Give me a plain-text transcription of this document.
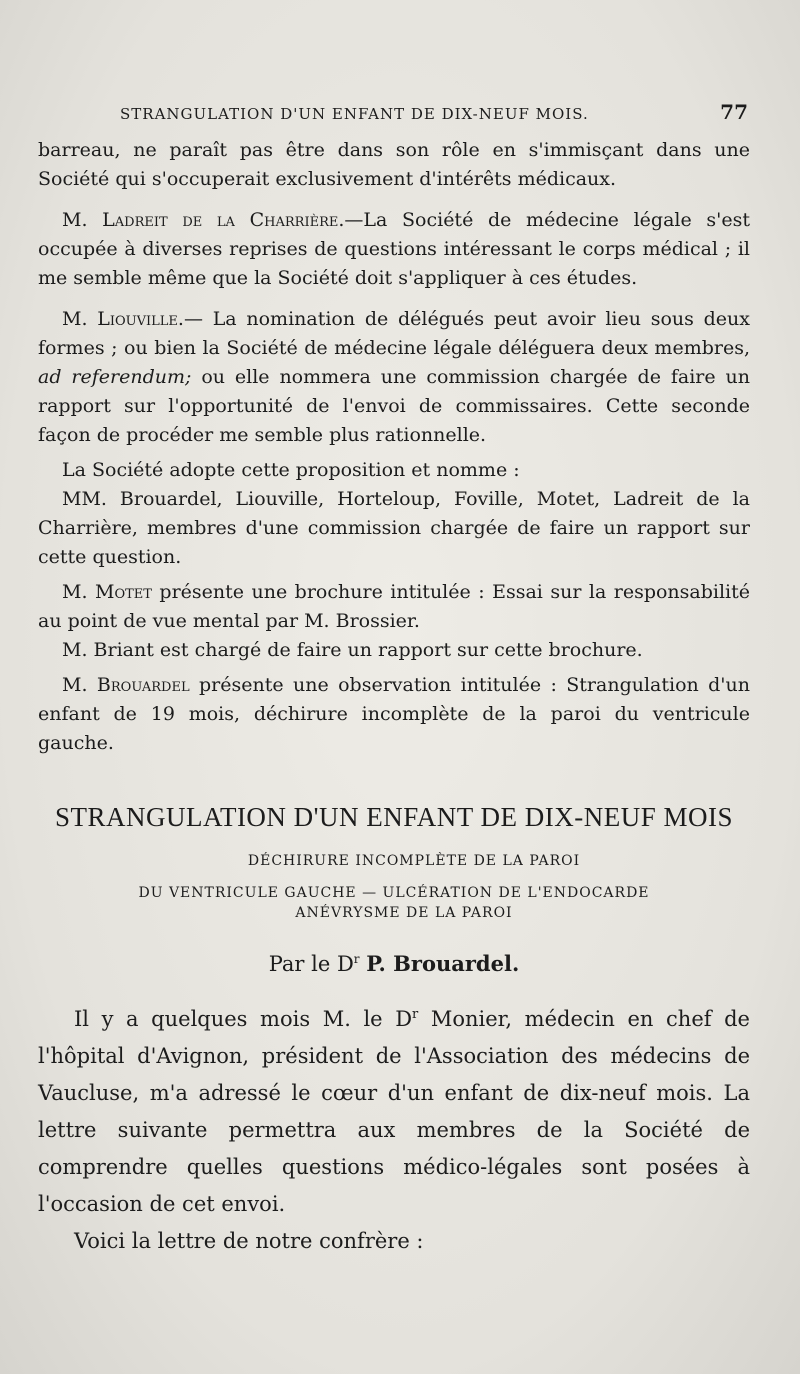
STRANGULATION D'UN ENFANT DE DIX-NEUF MOIS.	77

barreau, ne paraît pas être dans son rôle en s'immisçant dans une Société qui s'occuperait exclusivement d'intérêts médicaux.

M. Ladreit de la Charrière.—La Société de médecine légale s'est occupée à diverses reprises de questions intéressant le corps médical ; il me semble même que la Société doit s'appliquer à ces études.

M. Liouville.— La nomination de délégués peut avoir lieu sous deux formes ; ou bien la Société de médecine légale déléguera deux membres, ad referendum; ou elle nommera une commission chargée de faire un rapport sur l'opportunité de l'envoi de commissaires. Cette seconde façon de procéder me semble plus rationnelle.

La Société adopte cette proposition et nomme :

MM. Brouardel, Liouville, Horteloup, Foville, Motet, Ladreit de la Charrière, membres d'une commission chargée de faire un rapport sur cette question.

M. Motet présente une brochure intitulée : Essai sur la responsabilité au point de vue mental par M. Brossier.

M. Briant est chargé de faire un rapport sur cette brochure.

M. Brouardel présente une observation intitulée : Strangulation d'un enfant de 19 mois, déchirure incomplète de la paroi du ventricule gauche.

STRANGULATION D'UN ENFANT DE DIX-NEUF MOIS
DÉCHIRURE INCOMPLÈTE DE LA PAROI
DU VENTRICULE GAUCHE — ULCÉRATION DE L'ENDOCARDE
ANÉVRYSME DE LA PAROI
Par le $D^r$ P. Brouardel.

Il y a quelques mois M. le $D^r$ Monier, médecin en chef de l'hôpital d'Avignon, président de l'Association des médecins de Vaucluse, m'a adressé le cœur d'un enfant de dix-neuf mois. La lettre suivante permettra aux membres de la Société de comprendre quelles questions médico-légales sont posées à l'occasion de cet envoi.

Voici la lettre de notre confrère :
